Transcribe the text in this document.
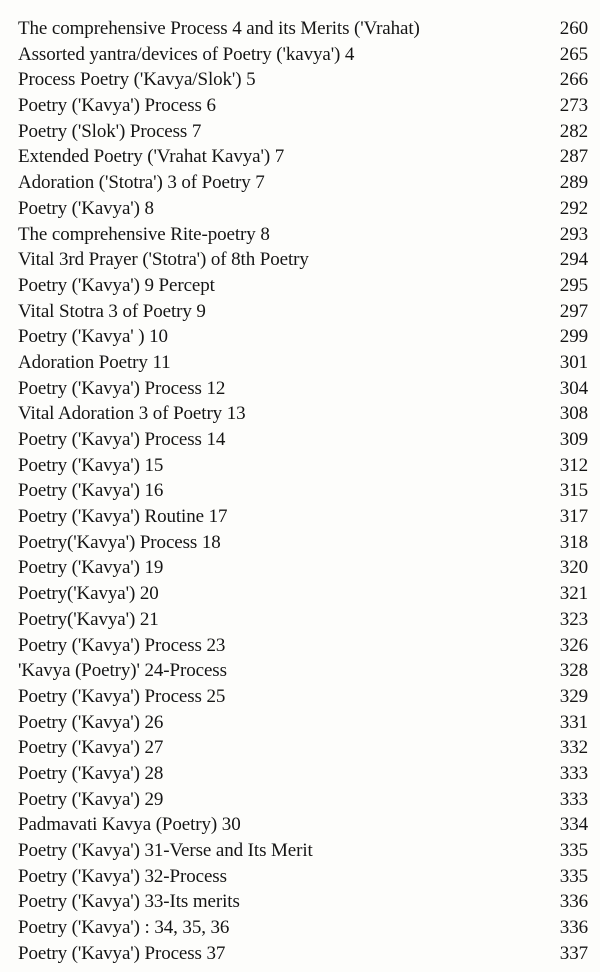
The comprehensive Process 4 and its Merits ('Vrahat)	260
Assorted yantra/devices of Poetry ('kavya') 4	265
Process Poetry ('Kavya/Slok') 5	266
Poetry ('Kavya') Process 6	273
Poetry ('Slok') Process 7	282
Extended Poetry ('Vrahat Kavya') 7	287
Adoration ('Stotra') 3 of Poetry 7	289
Poetry ('Kavya') 8	292
The comprehensive Rite-poetry 8	293
Vital 3rd Prayer ('Stotra') of 8th Poetry	294
Poetry ('Kavya') 9 Percept	295
Vital Stotra 3 of Poetry 9	297
Poetry ('Kavya' ) 10	299
Adoration Poetry 11	301
Poetry ('Kavya') Process 12	304
Vital Adoration 3 of Poetry 13	308
Poetry ('Kavya') Process 14	309
Poetry ('Kavya') 15	312
Poetry ('Kavya') 16	315
Poetry ('Kavya') Routine 17	317
Poetry('Kavya') Process 18	318
Poetry ('Kavya') 19	320
Poetry('Kavya') 20	321
Poetry('Kavya') 21	323
Poetry ('Kavya') Process 23	326
'Kavya (Poetry)' 24-Process	328
Poetry ('Kavya') Process 25	329
Poetry ('Kavya') 26	331
Poetry ('Kavya') 27	332
Poetry ('Kavya') 28	333
Poetry ('Kavya') 29	333
Padmavati Kavya (Poetry) 30	334
Poetry ('Kavya') 31-Verse and Its Merit	335
Poetry ('Kavya') 32-Process	335
Poetry ('Kavya') 33-Its merits	336
Poetry ('Kavya') : 34, 35, 36	336
Poetry ('Kavya') Process 37	337
